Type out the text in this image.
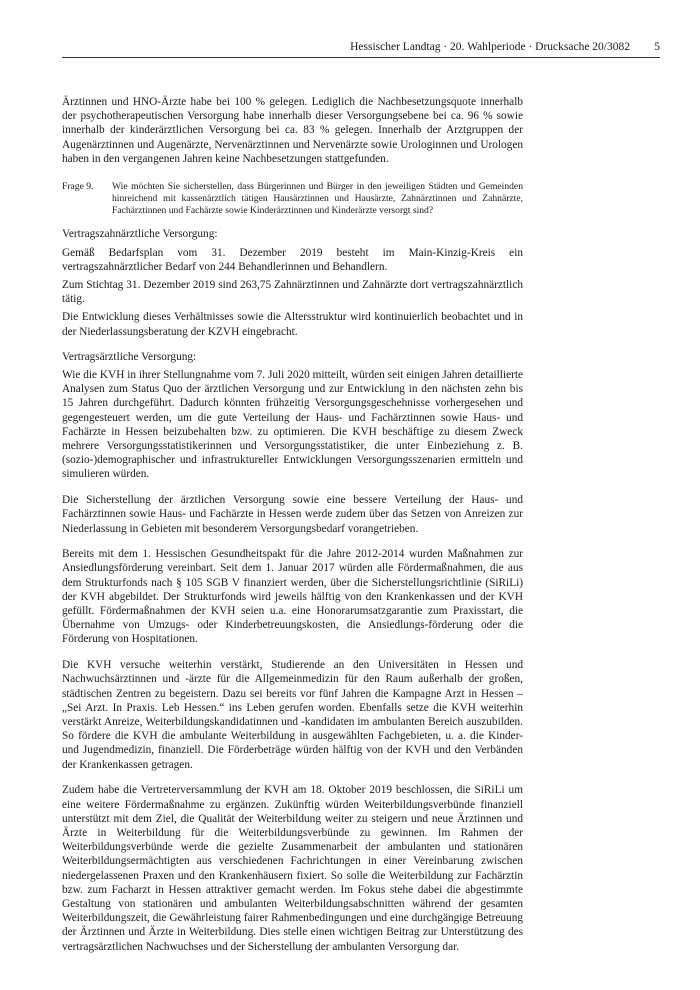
Hessischer Landtag · 20. Wahlperiode · Drucksache 20/3082 5

Ärztinnen und HNO-Ärzte habe bei 100 % gelegen. Lediglich die Nachbesetzungsquote innerhalb der psychotherapeutischen Versorgung habe innerhalb dieser Versorgungsebene bei ca. 96 % sowie innerhalb der kinderärztlichen Versorgung bei ca. 83 % gelegen. Innerhalb der Arztgruppen der Augenärztinnen und Augenärzte, Nervenärztinnen und Nervenärzte sowie Urologinnen und Urologen haben in den vergangenen Jahren keine Nachbesetzungen stattgefunden.

Frage 9.	Wie möchten Sie sicherstellen, dass Bürgerinnen und Bürger in den jeweiligen Städten und Gemeinden hinreichend mit kassenärztlich tätigen Hausärztinnen und Hausärzte, Zahnärztinnen und Zahnärzte, Fachärztinnen und Fachärzte sowie Kinderärztinnen und Kinderärzte versorgt sind?
Vertragszahnärztliche Versorgung:

Gemäß Bedarfsplan vom 31. Dezember 2019 besteht im Main-Kinzig-Kreis ein vertragszahnärztlicher Bedarf von 244 Behandlerinnen und Behandlern.

Zum Stichtag 31. Dezember 2019 sind 263,75 Zahnärztinnen und Zahnärzte dort vertragszahnärztlich tätig.

Die Entwicklung dieses Verhältnisses sowie die Altersstruktur wird kontinuierlich beobachtet und in der Niederlassungsberatung der KZVH eingebracht.

Vertragsärztliche Versorgung:

Wie die KVH in ihrer Stellungnahme vom 7. Juli 2020 mitteilt, würden seit einigen Jahren detaillierte Analysen zum Status Quo der ärztlichen Versorgung und zur Entwicklung in den nächsten zehn bis 15 Jahren durchgeführt. Dadurch könnten frühzeitig Versorgungsgeschehnisse vorhergesehen und gegengesteuert werden, um die gute Verteilung der Haus- und Fachärztinnen sowie Haus- und Fachärzte in Hessen beizubehalten bzw. zu optimieren. Die KVH beschäftige zu diesem Zweck mehrere Versorgungsstatistikerinnen und Versorgungsstatistiker, die unter Einbeziehung z. B. (sozio-)demographischer und infrastruktureller Entwicklungen Versorgungsszenarien ermitteln und simulieren würden.

Die Sicherstellung der ärztlichen Versorgung sowie eine bessere Verteilung der Haus- und Fachärztinnen sowie Haus- und Fachärzte in Hessen werde zudem über das Setzen von Anreizen zur Niederlassung in Gebieten mit besonderem Versorgungsbedarf vorangetrieben.

Bereits mit dem 1. Hessischen Gesundheitspakt für die Jahre 2012-2014 wurden Maßnahmen zur Ansiedlungsförderung vereinbart. Seit dem 1. Januar 2017 würden alle Fördermaßnahmen, die aus dem Strukturfonds nach § 105 SGB V finanziert werden, über die Sicherstellungsrichtlinie (SiRiLi) der KVH abgebildet. Der Strukturfonds wird jeweils hälftig von den Krankenkassen und der KVH gefüllt. Fördermaßnahmen der KVH seien u.a. eine Honorarumsatzgarantie zum Praxisstart, die Übernahme von Umzugs- oder Kinderbetreuungskosten, die Ansiedlungs-förderung oder die Förderung von Hospitationen.

Die KVH versuche weiterhin verstärkt, Studierende an den Universitäten in Hessen und Nachwuchsärztinnen und -ärzte für die Allgemeinmedizin für den Raum außerhalb der großen, städtischen Zentren zu begeistern. Dazu sei bereits vor fünf Jahren die Kampagne Arzt in Hessen – „Sei Arzt. In Praxis. Leb Hessen.“ ins Leben gerufen worden. Ebenfalls setze die KVH weiterhin verstärkt Anreize, Weiterbildungskandidatinnen und -kandidaten im ambulanten Bereich auszubilden. So fördere die KVH die ambulante Weiterbildung in ausgewählten Fachgebieten, u. a. die Kinder- und Jugendmedizin, finanziell. Die Förderbeträge würden hälftig von der KVH und den Verbänden der Krankenkassen getragen.

Zudem habe die Vertreterversammlung der KVH am 18. Oktober 2019 beschlossen, die SiRiLi um eine weitere Fördermaßnahme zu ergänzen. Zukünftig würden Weiterbildungsverbünde finanziell unterstützt mit dem Ziel, die Qualität der Weiterbildung weiter zu steigern und neue Ärztinnen und Ärzte in Weiterbildung für die Weiterbildungsverbünde zu gewinnen. Im Rahmen der Weiterbildungsverbünde werde die gezielte Zusammenarbeit der ambulanten und stationären Weiterbildungsermächtigten aus verschiedenen Fachrichtungen in einer Vereinbarung zwischen niedergelassenen Praxen und den Krankenhäusern fixiert. So solle die Weiterbildung zur Fachärztin bzw. zum Facharzt in Hessen attraktiver gemacht werden. Im Fokus stehe dabei die abgestimmte Gestaltung von stationären und ambulanten Weiterbildungsabschnitten während der gesamten Weiterbildungszeit, die Gewährleistung fairer Rahmenbedingungen und eine durchgängige Betreuung der Ärztinnen und Ärzte in Weiterbildung. Dies stelle einen wichtigen Beitrag zur Unterstützung des vertragsärztlichen Nachwuchses und der Sicherstellung der ambulanten Versorgung dar.
